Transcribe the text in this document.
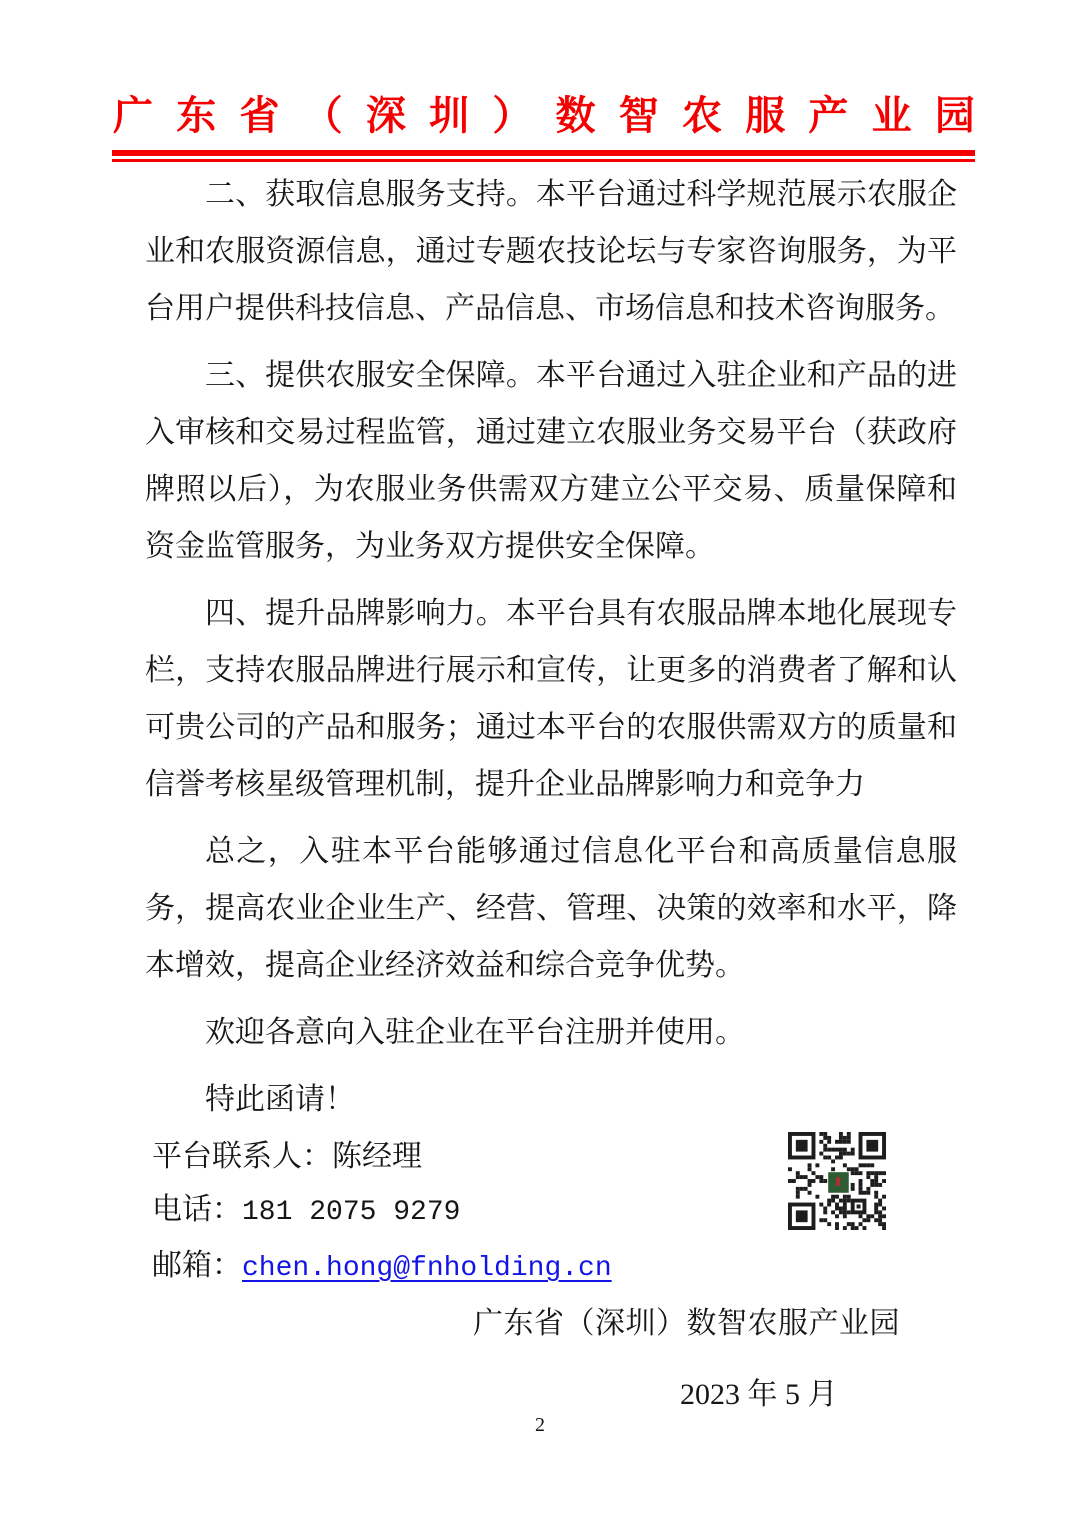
广 东 省 （ 深 圳 ） 数 智 农 服 产 业 园

二、获取信息服务支持。本平台通过科学规范展示农服企业和农服资源信息，通过专题农技论坛与专家咨询服务，为平台用户提供科技信息、产品信息、市场信息和技术咨询服务。

三、提供农服安全保障。本平台通过入驻企业和产品的进入审核和交易过程监管，通过建立农服业务交易平台（获政府牌照以后），为农服业务供需双方建立公平交易、质量保障和资金监管服务，为业务双方提供安全保障。

四、提升品牌影响力。本平台具有农服品牌本地化展现专栏，支持农服品牌进行展示和宣传，让更多的消费者了解和认可贵公司的产品和服务；通过本平台的农服供需双方的质量和信誉考核星级管理机制，提升企业品牌影响力和竞争力

总之，入驻本平台能够通过信息化平台和高质量信息服务，提高农业企业生产、经营、管理、决策的效率和水平，降本增效，提高企业经济效益和综合竞争优势。

欢迎各意向入驻企业在平台注册并使用。

特此函请！

平台联系人：陈经理
电话：181 2075 9279
邮箱：chen.hong@fnholding.cn
广东省（深圳）数智农服产业园
2023 年 5 月
2
